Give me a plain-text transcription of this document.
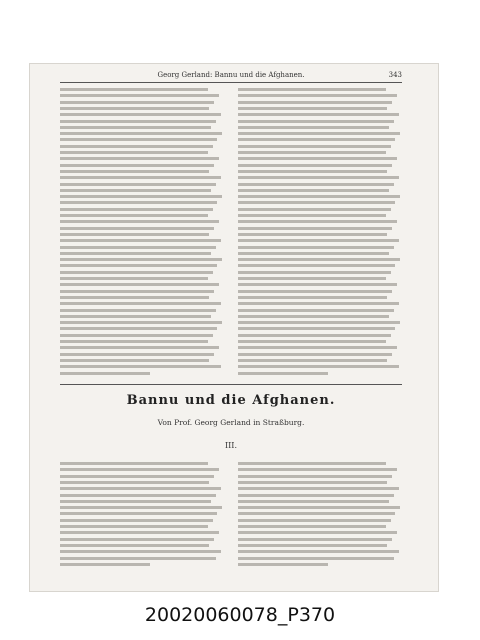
Georg Gerland: Bannu und die Afghanen.	343
Bannu und die Afghanen.
Von Prof. Georg Gerland in Straßburg.
III.
20020060078_P370
